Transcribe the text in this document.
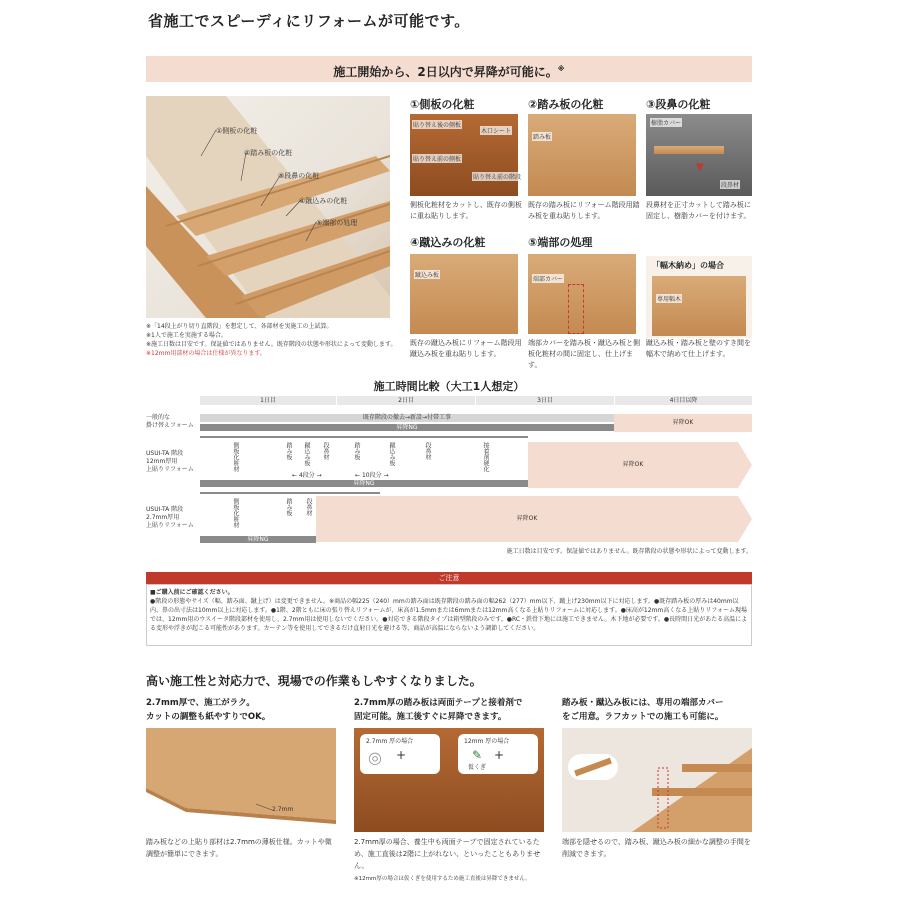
省施工でスピーディにリフォームが可能です。
施工開始から、2日以内で昇降が可能に。※
①側板の化粧
②踏み板の化粧
③段鼻の化粧
④蹴込みの化粧
⑤端部の処理
※「14段上がり切り直階段」を想定して、各部材を実施工の上試算。
※1人で施工を実施する場合。
※施工日数は目安です。保証値ではありません。既存階段の状態や形状によって変動します。
※12mm用部材の場合は仕様が異なります。
①側板の化粧
貼り替え後の側板
木口シート
貼り替え前の側板
貼り替え前の階段
側板化粧材をカットし、既存の側板に重ね貼りします。
②踏み板の化粧
踏み板
既存の踏み板にリフォーム階段用踏み板を重ね貼りします。
③段鼻の化粧
樹脂カバー
▼
段鼻材
段鼻材を正寸カットして踏み板に固定し、樹脂カバーを付けます。
④蹴込みの化粧
蹴込み板
既存の蹴込み板にリフォーム階段用蹴込み板を重ね貼りします。
⑤端部の処理
端部カバー
端部カバーを踏み板・蹴込み板と側板化粧材の間に固定し、仕上げます。
「幅木納め」の場合
専用幅木
蹴込み板・踏み板と壁のすき間を幅木で納めて仕上げます。
施工時間比較（大工1人想定）
1日目	2日目	3日目	4日目以降
一般的な
掛け替えフォーム
既存階段の撤去→新設→付帯工事
昇降NG
昇降OK
USUI-TA 階段
12mm厚用
上貼りリフォーム	側板化粧材	踏み板 蹴込み板 段鼻材	踏み板	蹴込み板	段鼻材	接着剤硬化
← 4段分 →	← 10段分 →
昇降NG
昇降OK
USUI-TA 階段
2.7mm厚用
上貼りリフォーム	側板化粧材	踏み板 段鼻材
昇降NG
昇降OK
施工日数は目安です。保証値ではありません。既存階段の状態や形状によって変動します。
ご注意
■ご購入前にご確認ください。
●階段の形態やサイズ（幅、踏み面、蹴上げ）は変更できません。※商品の幅225（240）mmの踏み面は既存階段の踏み面の幅262（277）mm以下、蹴上げ230mm以下に対応します。●既存踏み板の厚みは40mm以内、鼻の出寸法は10mm以上に対応します。●1階、2階ともに床の張り替えリフォームが、床高が1.5mmまたは6mmまたは12mm高くなる上貼りリフォームに対応します。●床高が12mm高くなる上貼りリフォーム現場では、12mm用のウスイータ階段部材を使用し、2.7mm用は使用しないでください。●対応できる階段タイプは箱型階段のみです。●RC・鉄骨下地には施工できません。木下地が必要です。●長時間日光があたる高温による変形や浮きが起こる可能性があります。カーテン等を使用してできるだけ直射日光を避ける等、商品が高温にならないよう調節してください。
高い施工性と対応力で、現場での作業もしやすくなりました。
2.7mm厚で、施工がラク。
カットの調整も紙やすりでOK。
2.7mm
踏み板などの上貼り部材は2.7mmの薄板仕様。カットや微調整が簡単にできます。
2.7mm厚の踏み板は両面テープと接着剤で
固定可能。施工後すぐに昇降できます。
2.7mm 厚の場合
◎ +
12mm 厚の場合
✎ +
仮くぎ
2.7mm厚の場合、養生中も両面テープで固定されているため、施工直後は2階に上がれない、といったこともありません。
※12mm厚の場合は仮くぎを使用するため施工直後は昇降できません。
踏み板・蹴込み板には、専用の端部カバー
をご用意。ラフカットでの施工も可能に。
端部を隠せるので、踏み板、蹴込み板の細かな調整の手間を削減できます。
